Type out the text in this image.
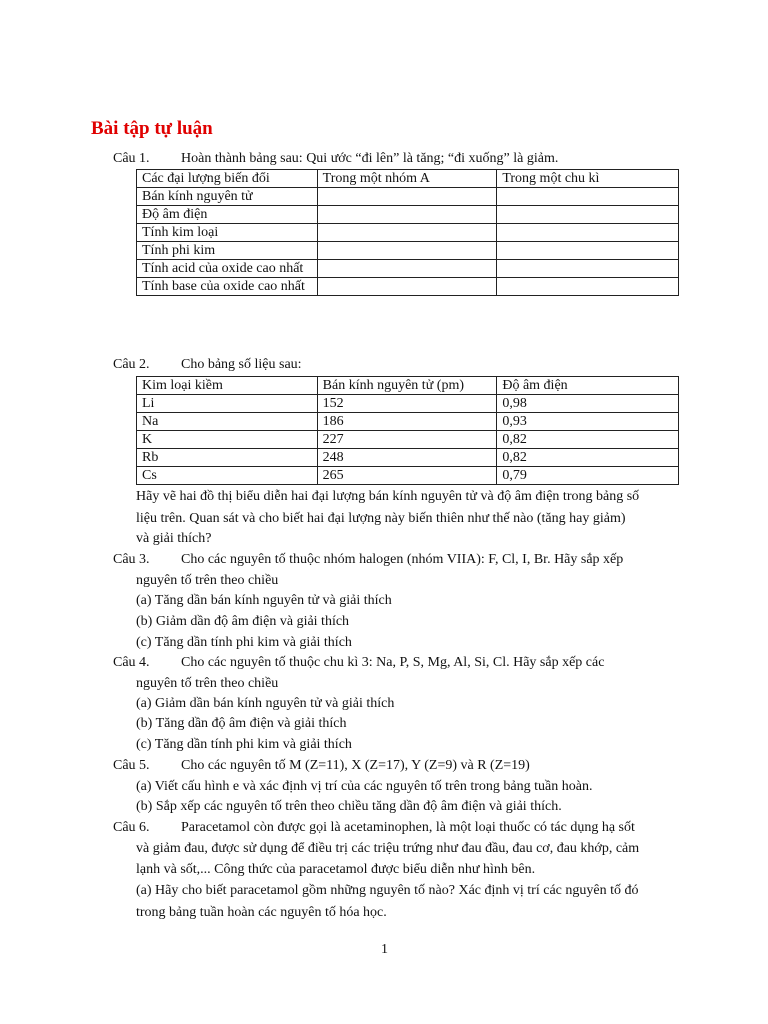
Bài tập tự luận
Câu 1. Hoàn thành bảng sau: Qui ước “đi lên” là tăng; “đi xuống” là giảm.
Các đại lượng biến đổi	Trong một nhóm A	Trong một chu kì
Bán kính nguyên tử		
Độ âm điện		
Tính kim loại		
Tính phi kim		
Tính acid của oxide cao nhất		
Tính base của oxide cao nhất		
Câu 2. Cho bảng số liệu sau:
Kim loại kiềm	Bán kính nguyên tử (pm)	Độ âm điện
Li	152	0,98
Na	186	0,93
K	227	0,82
Rb	248	0,82
Cs	265	0,79
Hãy vẽ hai đồ thị biểu diễn hai đại lượng bán kính nguyên tử và độ âm điện trong bảng số
liệu trên. Quan sát và cho biết hai đại lượng này biến thiên như thế nào (tăng hay giảm)
và giải thích?
Câu 3. Cho các nguyên tố thuộc nhóm halogen (nhóm VIIA): F, Cl, I, Br. Hãy sắp xếp
nguyên tố trên theo chiều
(a) Tăng dần bán kính nguyên tử và giải thích
(b) Giảm dần độ âm điện và giải thích
(c) Tăng dần tính phi kim và giải thích
Câu 4. Cho các nguyên tố thuộc chu kì 3: Na, P, S, Mg, Al, Si, Cl. Hãy sắp xếp các
nguyên tố trên theo chiều
(a) Giảm dần bán kính nguyên tử và giải thích
(b) Tăng dần độ âm điện và giải thích
(c) Tăng dần tính phi kim và giải thích
Câu 5. Cho các nguyên tố M (Z=11), X (Z=17), Y (Z=9) và R (Z=19)
(a) Viết cấu hình e và xác định vị trí của các nguyên tố trên trong bảng tuần hoàn.
(b) Sắp xếp các nguyên tố trên theo chiều tăng dần độ âm điện và giải thích.
Câu 6. Paracetamol còn được gọi là acetaminophen, là một loại thuốc có tác dụng hạ sốt
và giảm đau, được sử dụng để điều trị các triệu trứng như đau đầu, đau cơ, đau khớp, cảm
lạnh và sốt,... Công thức của paracetamol được biểu diễn như hình bên.
(a) Hãy cho biết paracetamol gồm những nguyên tố nào? Xác định vị trí các nguyên tố đó
trong bảng tuần hoàn các nguyên tố hóa học.
1
